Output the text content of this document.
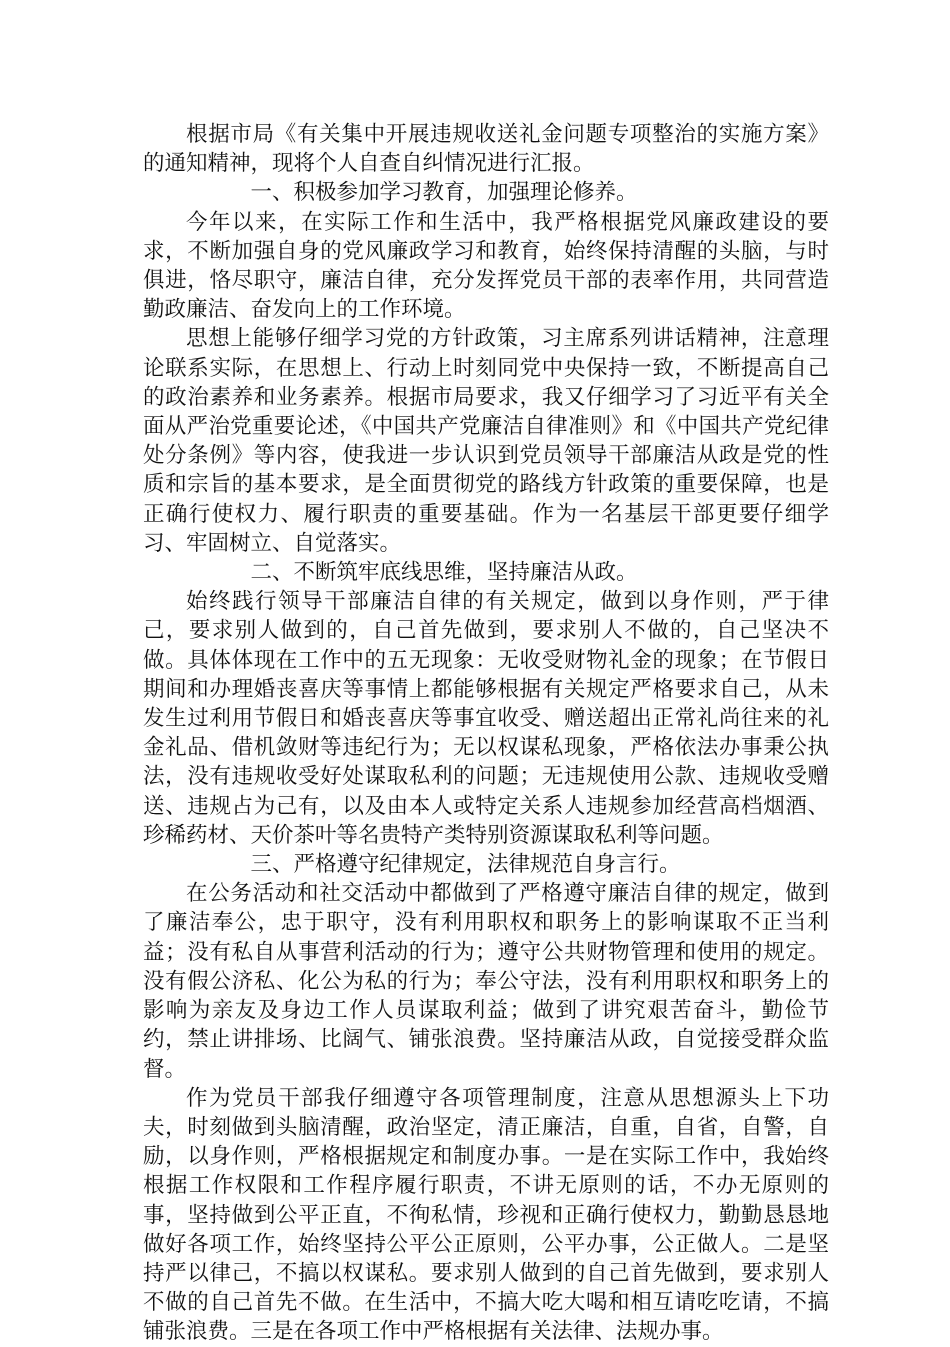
根据市局《有关集中开展违规收送礼金问题专项整治的实施方案》的通知精神，现将个人自查自纠情况进行汇报。

一、积极参加学习教育，加强理论修养。

今年以来，在实际工作和生活中，我严格根据党风廉政建设的要求，不断加强自身的党风廉政学习和教育，始终保持清醒的头脑，与时俱进，恪尽职守，廉洁自律，充分发挥党员干部的表率作用，共同营造勤政廉洁、奋发向上的工作环境。

思想上能够仔细学习党的方针政策，习主席系列讲话精神，注意理论联系实际，在思想上、行动上时刻同党中央保持一致，不断提高自己的政治素养和业务素养。根据市局要求，我又仔细学习了习近平有关全面从严治党重要论述，《中国共产党廉洁自律准则》和《中国共产党纪律处分条例》等内容，使我进一步认识到党员领导干部廉洁从政是党的性质和宗旨的基本要求，是全面贯彻党的路线方针政策的重要保障，也是正确行使权力、履行职责的重要基础。作为一名基层干部更要仔细学习、牢固树立、自觉落实。

二、不断筑牢底线思维，坚持廉洁从政。

始终践行领导干部廉洁自律的有关规定，做到以身作则，严于律己，要求别人做到的，自己首先做到，要求别人不做的，自己坚决不做。具体体现在工作中的五无现象：无收受财物礼金的现象；在节假日期间和办理婚丧喜庆等事情上都能够根据有关规定严格要求自己，从未发生过利用节假日和婚丧喜庆等事宜收受、赠送超出正常礼尚往来的礼金礼品、借机敛财等违纪行为；无以权谋私现象，严格依法办事秉公执法，没有违规收受好处谋取私利的问题；无违规使用公款、违规收受赠送、违规占为己有，以及由本人或特定关系人违规参加经营高档烟酒、珍稀药材、天价茶叶等名贵特产类特别资源谋取私利等问题。

三、严格遵守纪律规定，法律规范自身言行。

在公务活动和社交活动中都做到了严格遵守廉洁自律的规定，做到了廉洁奉公，忠于职守，没有利用职权和职务上的影响谋取不正当利益；没有私自从事营利活动的行为；遵守公共财物管理和使用的规定。没有假公济私、化公为私的行为；奉公守法，没有利用职权和职务上的影响为亲友及身边工作人员谋取利益；做到了讲究艰苦奋斗，勤俭节约，禁止讲排场、比阔气、铺张浪费。坚持廉洁从政，自觉接受群众监督。

作为党员干部我仔细遵守各项管理制度，注意从思想源头上下功夫，时刻做到头脑清醒，政治坚定，清正廉洁，自重，自省，自警，自励，以身作则，严格根据规定和制度办事。一是在实际工作中，我始终根据工作权限和工作程序履行职责，不讲无原则的话，不办无原则的事，坚持做到公平正直，不徇私情，珍视和正确行使权力，勤勤恳恳地做好各项工作，始终坚持公平公正原则，公平办事，公正做人。二是坚持严以律己，不搞以权谋私。要求别人做到的自己首先做到，要求别人不做的自己首先不做。在生活中，不搞大吃大喝和相互请吃吃请，不搞铺张浪费。三是在各项工作中严格根据有关法律、法规办事。
